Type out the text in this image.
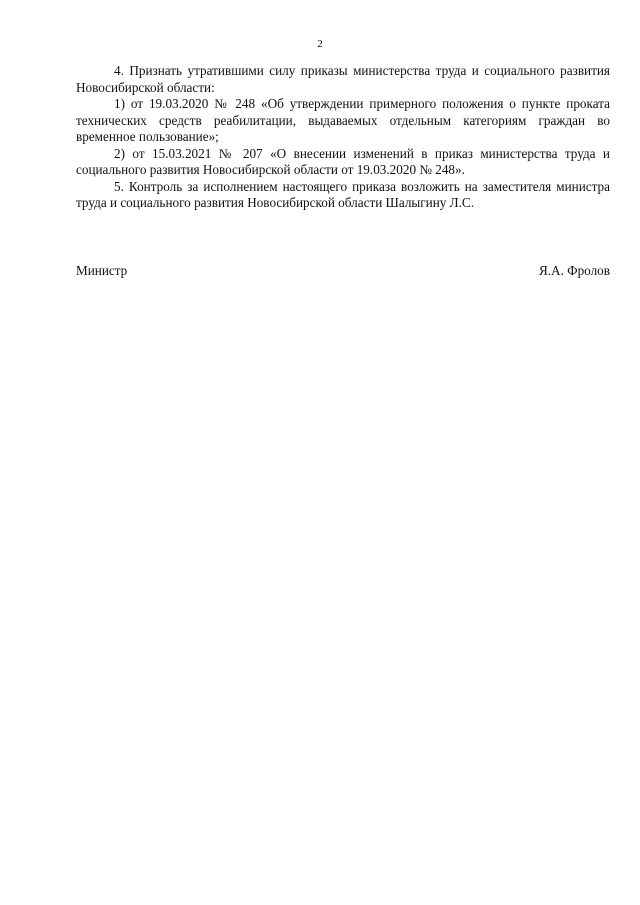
2

4. Признать утратившими силу приказы министерства труда и социального развития Новосибирской области:

1) от 19.03.2020 № 248 «Об утверждении примерного положения о пункте проката технических средств реабилитации, выдаваемых отдельным категориям граждан во временное пользование»;

2) от 15.03.2021 № 207 «О внесении изменений в приказ министерства труда и социального развития Новосибирской области от 19.03.2020 № 248».

5. Контроль за исполнением настоящего приказа возложить на заместителя министра труда и социального развития Новосибирской области Шалыгину Л.С.

Министр	Я.А. Фролов
